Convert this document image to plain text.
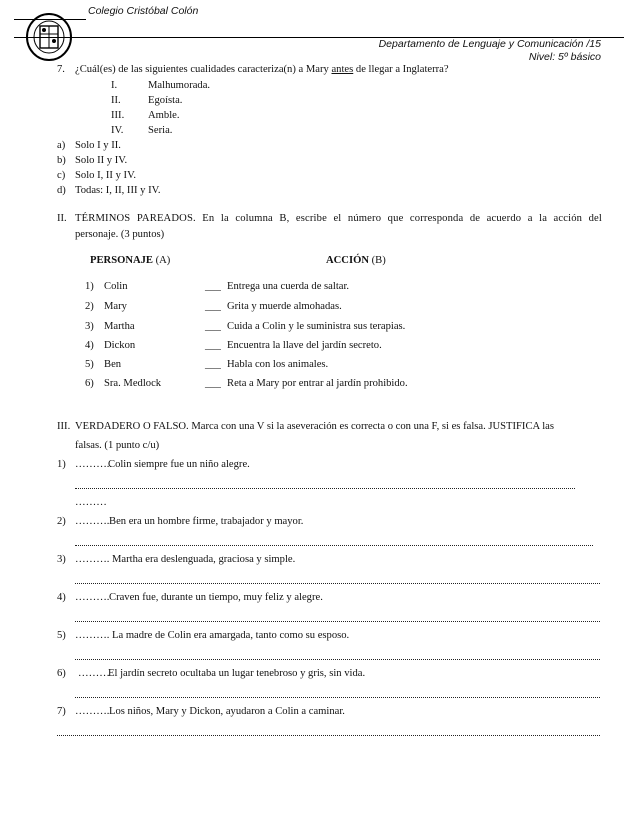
Colegio Cristóbal Colón
Departamento de Lenguaje y Comunicación /15
Nivel: 5º básico
7. ¿Cuál(es) de las siguientes cualidades caracteriza(n) a Mary antes de llegar a Inglaterra?
I.	Malhumorada.
II.	Egoísta.
III. Amble.
IV. Seria.
a) Solo I y II.
b) Solo II y IV.
c) Solo I, II y IV.
d) Todas: I, II, III y IV.
II. TÉRMINOS PAREADOS. En la columna B, escribe el número que corresponda de acuerdo a la acción del
personaje. (3 puntos)
PERSONAJE (A)	ACCIÓN (B)
1) Colin	___ Entrega una cuerda de saltar.
2) Mary	___ Grita y muerde almohadas.
3) Martha	___ Cuida a Colin y le suministra sus terapias.
4) Dickon	___ Encuentra la llave del jardín secreto.
5) Ben	___ Habla con los animales.
6) Sra. Medlock	___ Reta a Mary por entrar al jardín prohibido.
III. VERDADERO O FALSO. Marca con una V si la aseveración es correcta o con una F, si es falsa. JUSTIFICA las
falsas. (1 punto c/u)
1) ………..
Colin siempre fue un niño alegre.
………
2) ………. Ben era un hombre firme, trabajador y mayor.
3) ………. Martha era deslenguada, graciosa y simple.
4) ………. Craven fue, durante un tiempo, muy feliz y alegre.
5) ………. La madre de Colin era amargada, tanto como su esposo.
6) ………
El jardín secreto ocultaba un lugar tenebroso y gris, sin vida.
7) ………. Los niños, Mary y Dickon, ayudaron a Colin a caminar.
